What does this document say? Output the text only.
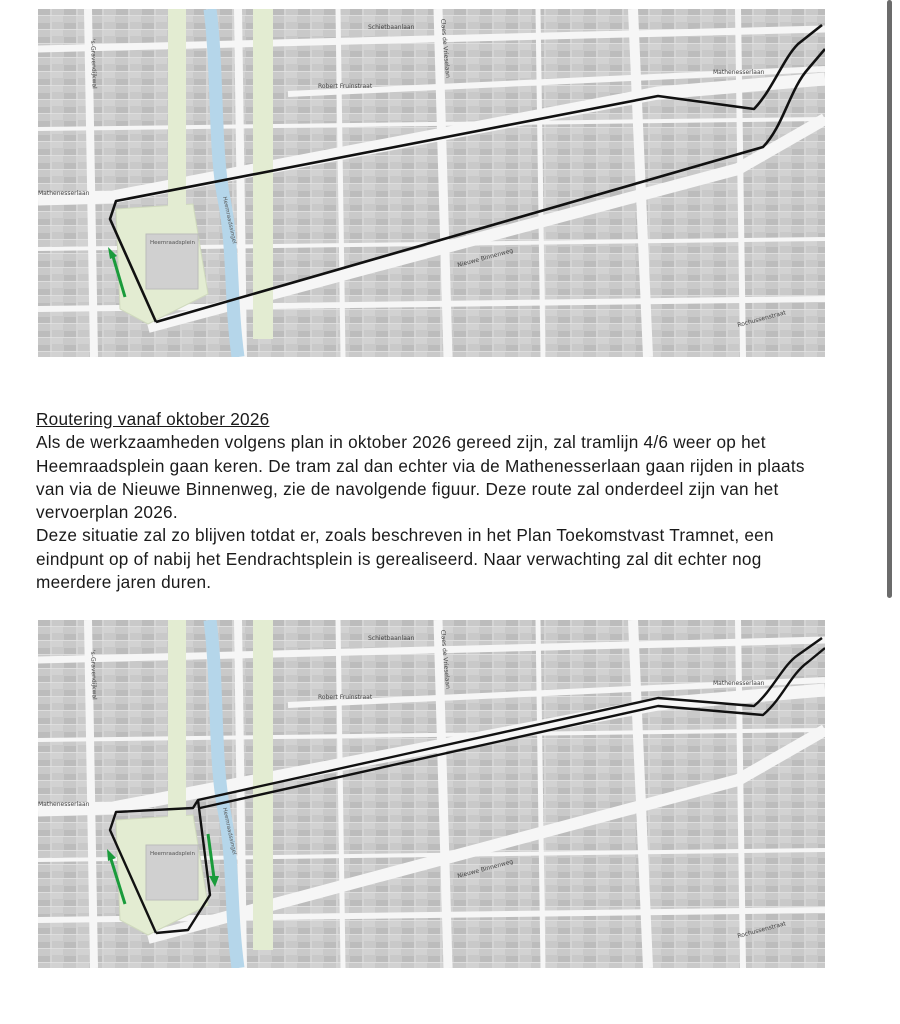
Heemraadsplein	Heemraadssingel
Schietbaanlaan
Robert Fruinstraat
Mathenesserlaan
Mathenesserlaan
Nieuwe Binnenweg
Rochussenstraat
Claes de Vrieselaan
's-Gravendijkwal

Routering vanaf oktober 2026

Als de werkzaamheden volgens plan in oktober 2026 gereed zijn, zal tramlijn 4/6 weer op het Heemraadsplein gaan keren. De tram zal dan echter via de Mathenesserlaan gaan rijden in plaats van via de Nieuwe Binnenweg, zie de navolgende figuur. Deze route zal onderdeel zijn van het vervoerplan 2026.

Deze situatie zal zo blijven totdat er, zoals beschreven in het Plan Toekomstvast Tramnet, een eindpunt op of nabij het Eendrachtsplein is gerealiseerd. Naar verwachting zal dit echter nog meerdere jaren duren.

Heemraadsplein	Heemraadssingel
Schietbaanlaan
Robert Fruinstraat
Mathenesserlaan
Mathenesserlaan
Nieuwe Binnenweg
Rochussenstraat
Claes de Vrieselaan
's-Gravendijkwal
